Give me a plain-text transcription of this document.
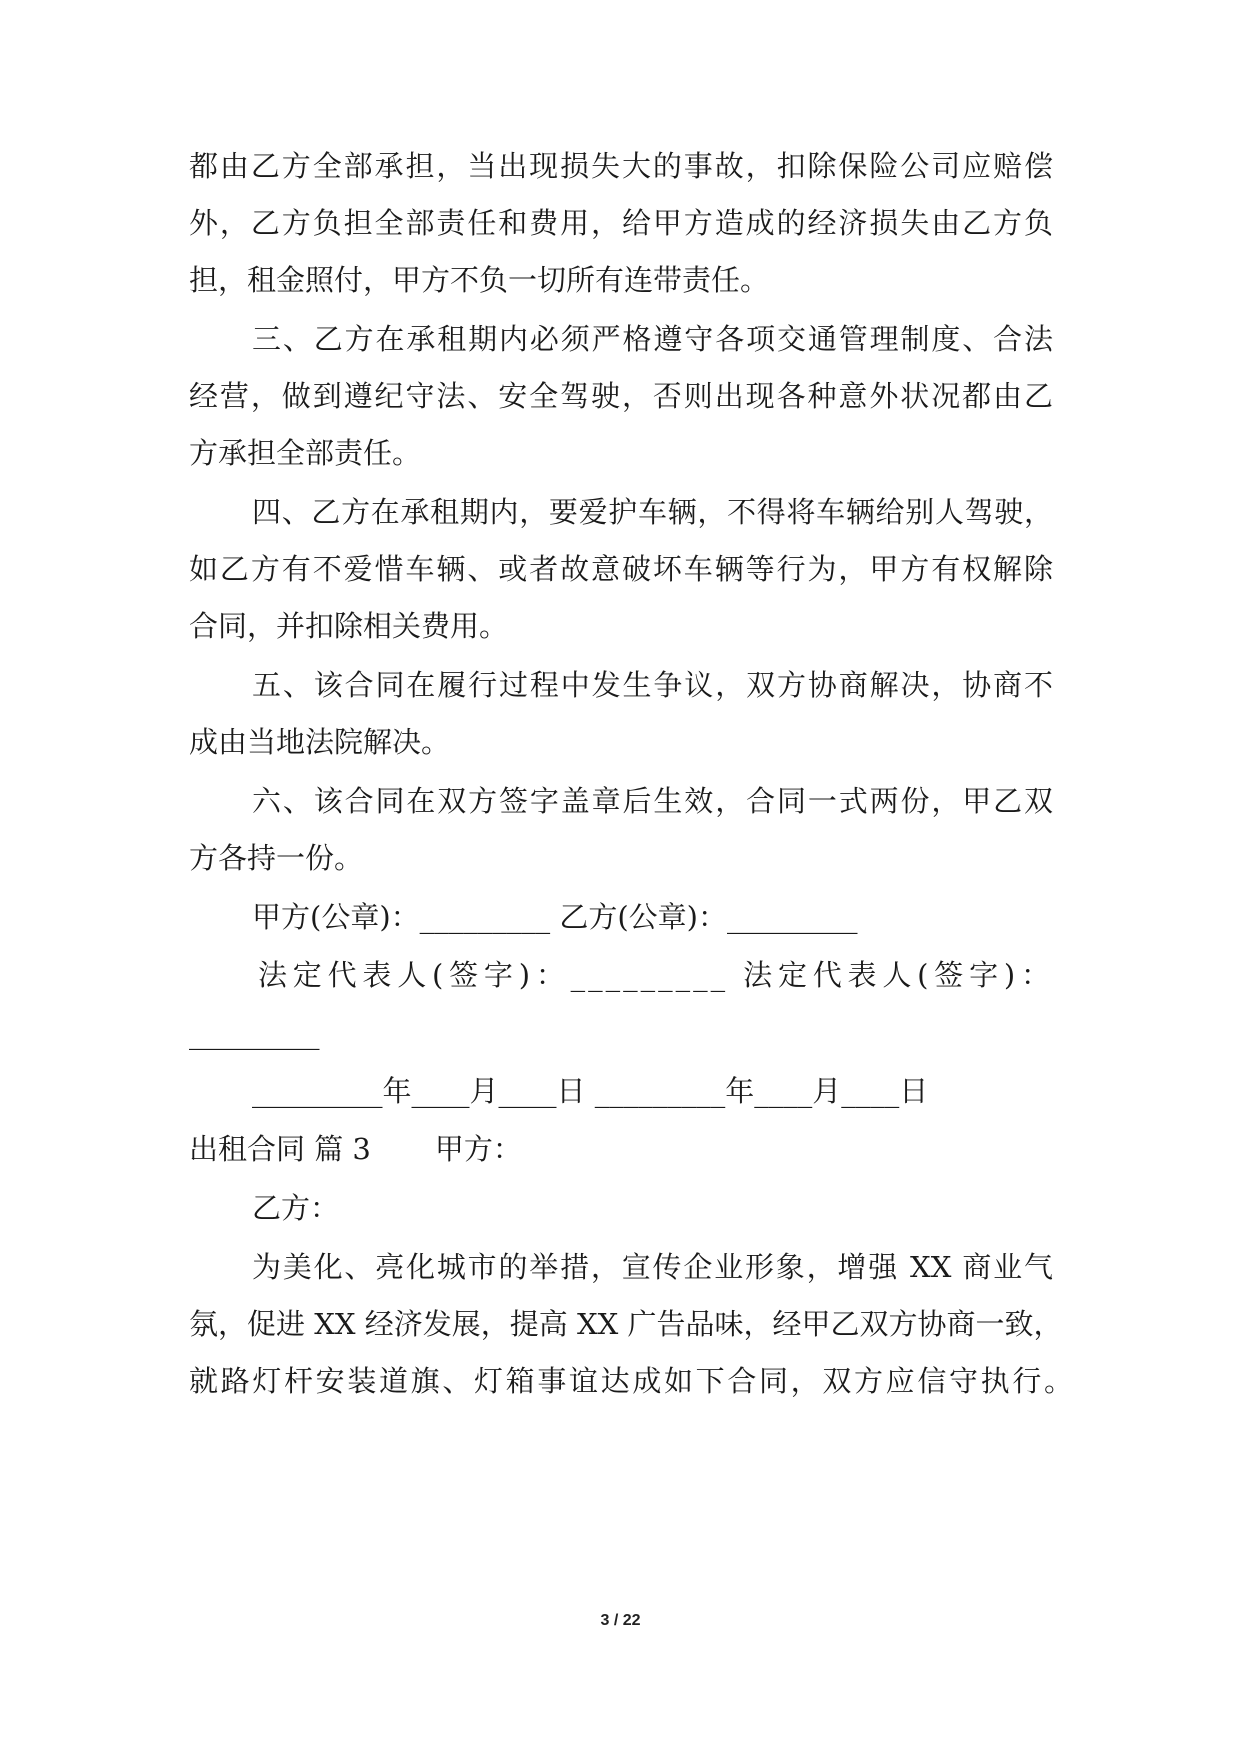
都由乙方全部承担，当出现损失大的事故，扣除保险公司应赔偿
外，乙方负担全部责任和费用，给甲方造成的经济损失由乙方负
担，租金照付，甲方不负一切所有连带责任。
三、乙方在承租期内必须严格遵守各项交通管理制度、合法
经营，做到遵纪守法、安全驾驶，否则出现各种意外状况都由乙
方承担全部责任。
四、乙方在承租期内，要爱护车辆，不得将车辆给别人驾驶，
如乙方有不爱惜车辆、或者故意破坏车辆等行为，甲方有权解除
合同，并扣除相关费用。
五、该合同在履行过程中发生争议，双方协商解决，协商不
成由当地法院解决。
六、该合同在双方签字盖章后生效，合同一式两份，甲乙双
方各持一份。
甲方(公章)：_________ 乙方(公章)：_________
法定代表人(签字)：_________ 法定代表人(签字)：
_________
_________年____月____日 _________年____月____日
出租合同 篇 3 甲方：
乙方：
为美化、亮化城市的举措，宣传企业形象，增强 XX 商业气
氛，促进 XX 经济发展，提高 XX 广告品味，经甲乙双方协商一致，
就路灯杆安装道旗、灯箱事谊达成如下合同，双方应信守执行。
3 / 22
